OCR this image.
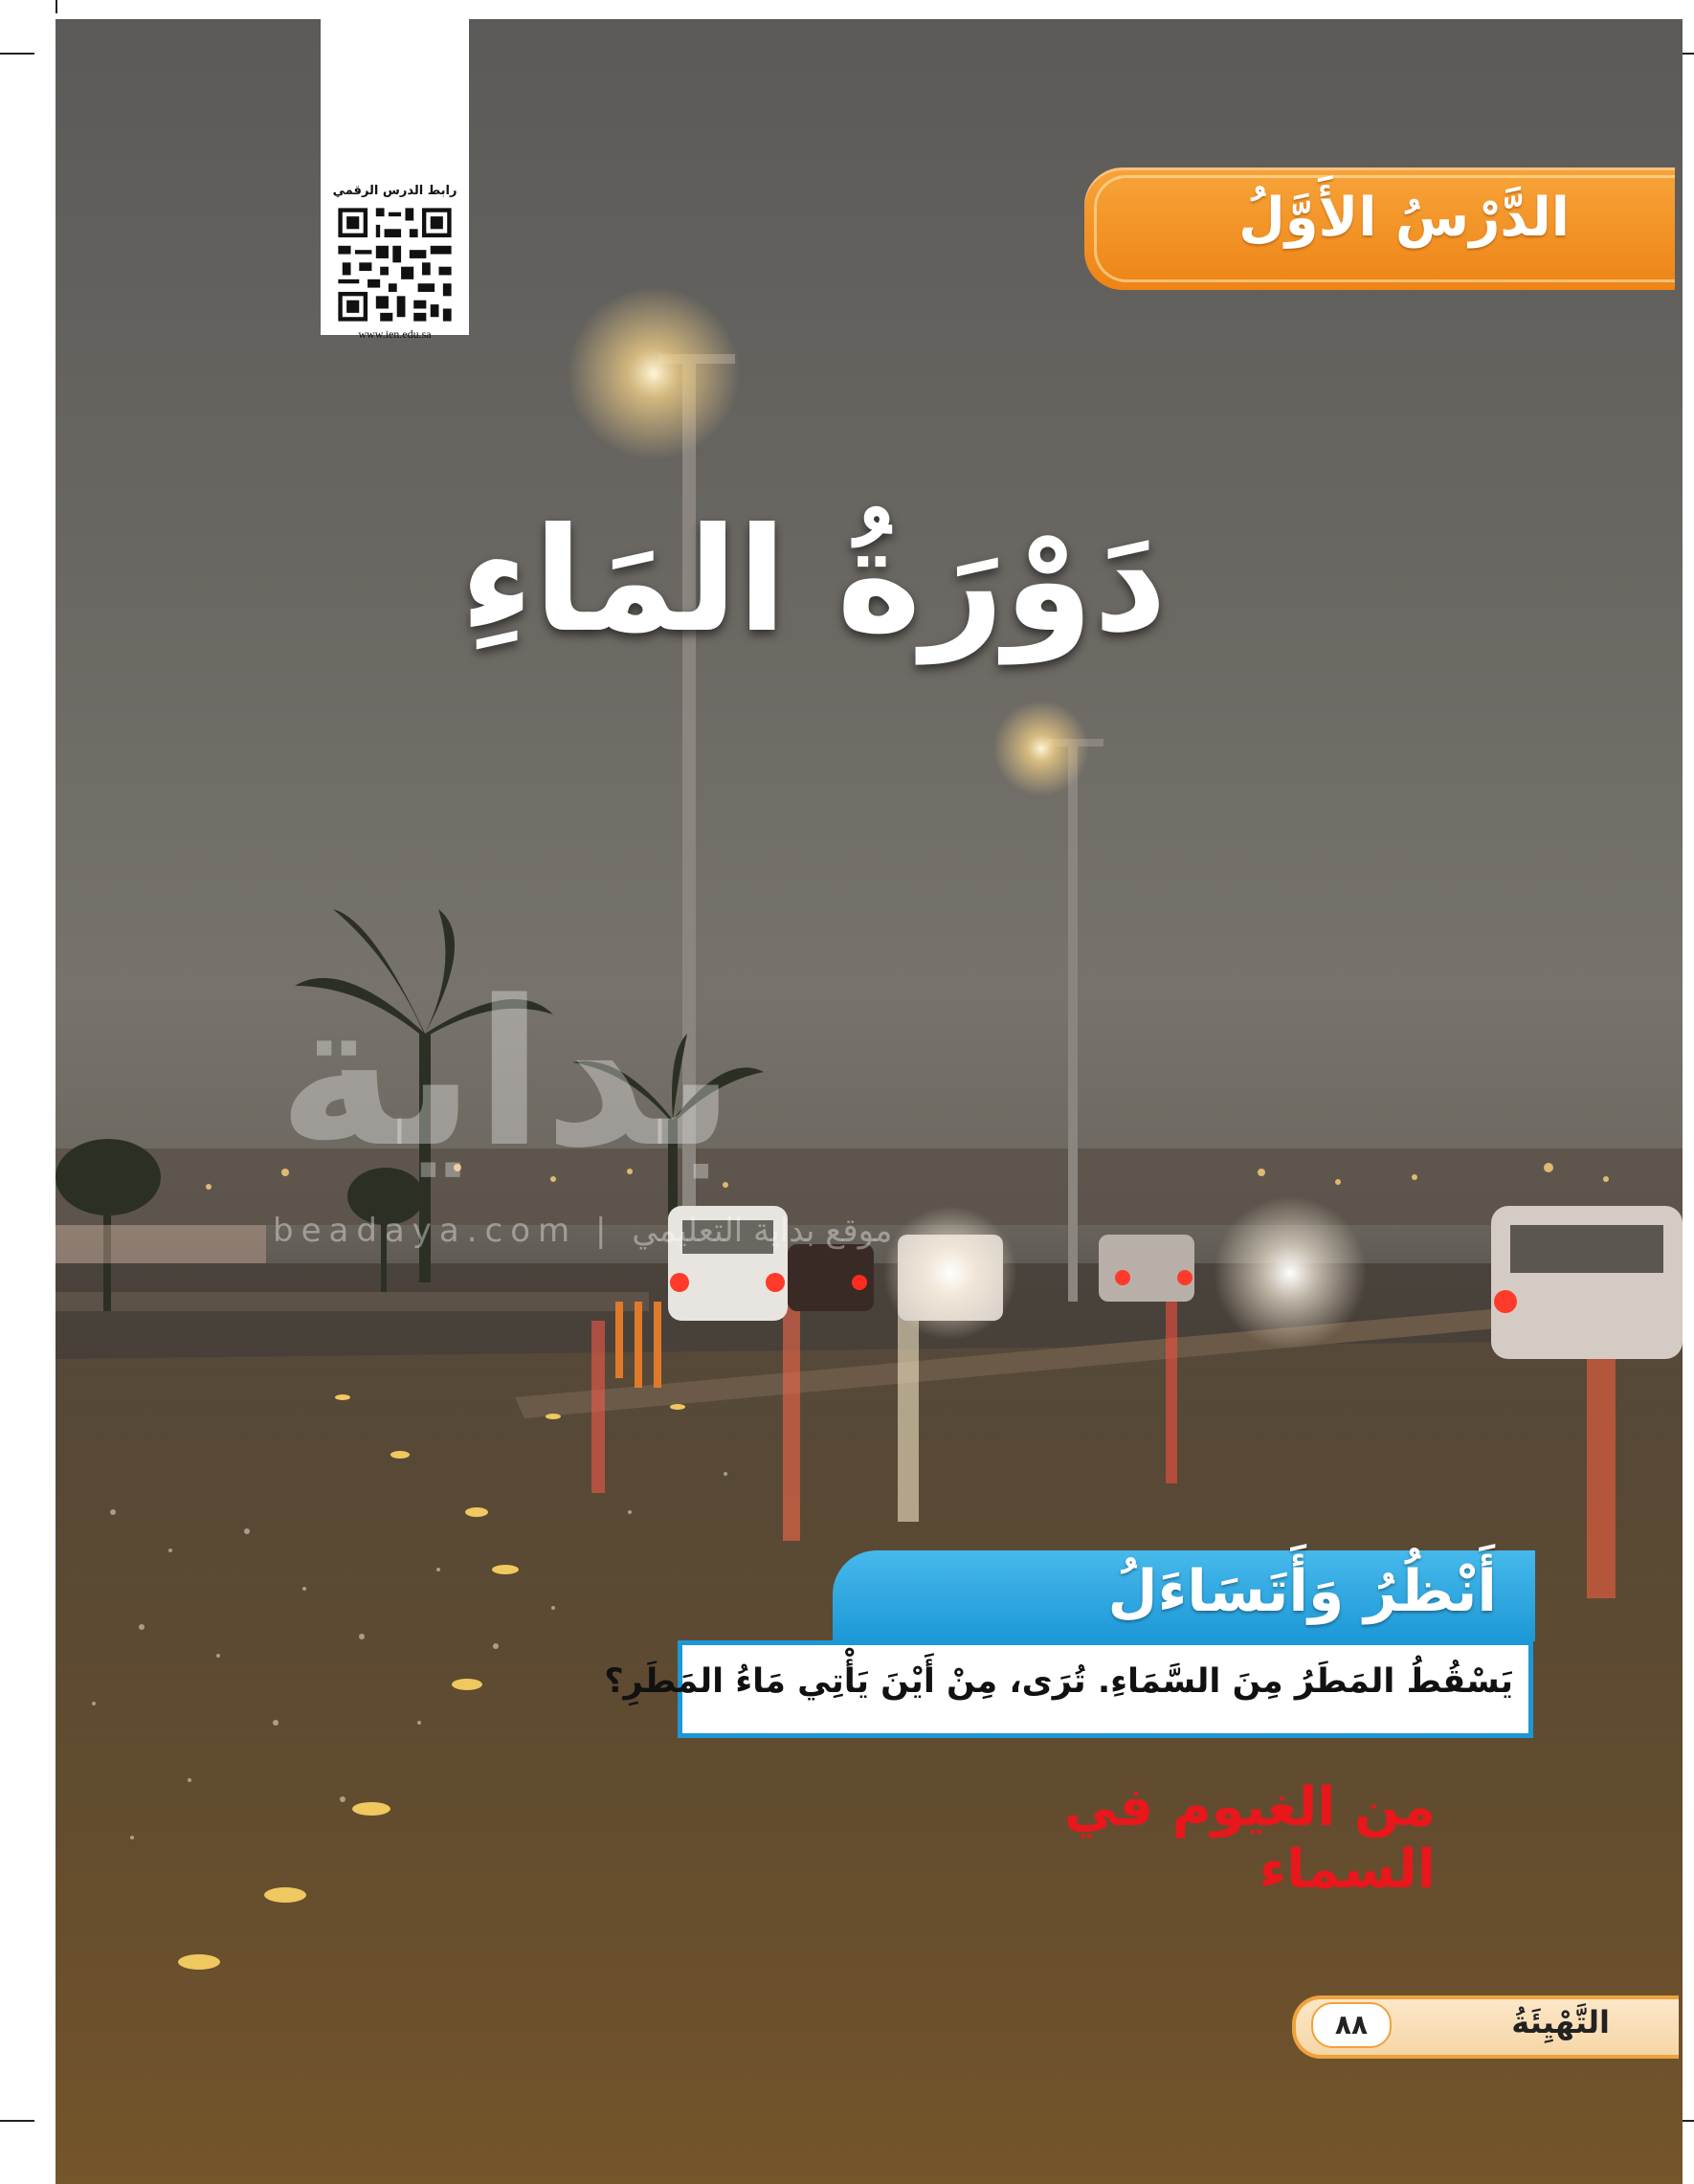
بداية
beadaya.com | موقع بداية التعليمي
رابط الدرس الرقمي
www.ien.edu.sa
الدَّرْسُ الأَوَّلُ
دَوْرَةُ المَاءِ
أَنْظُرُ وَأَتَسَاءَلُ
يَسْقُطُ المَطَرُ مِنَ السَّمَاءِ. تُرَى، مِنْ أَيْنَ يَأْتِي مَاءُ المَطَرِ؟
من الغيوم في السماء
٨٨	التَّهْيِئَةُ
